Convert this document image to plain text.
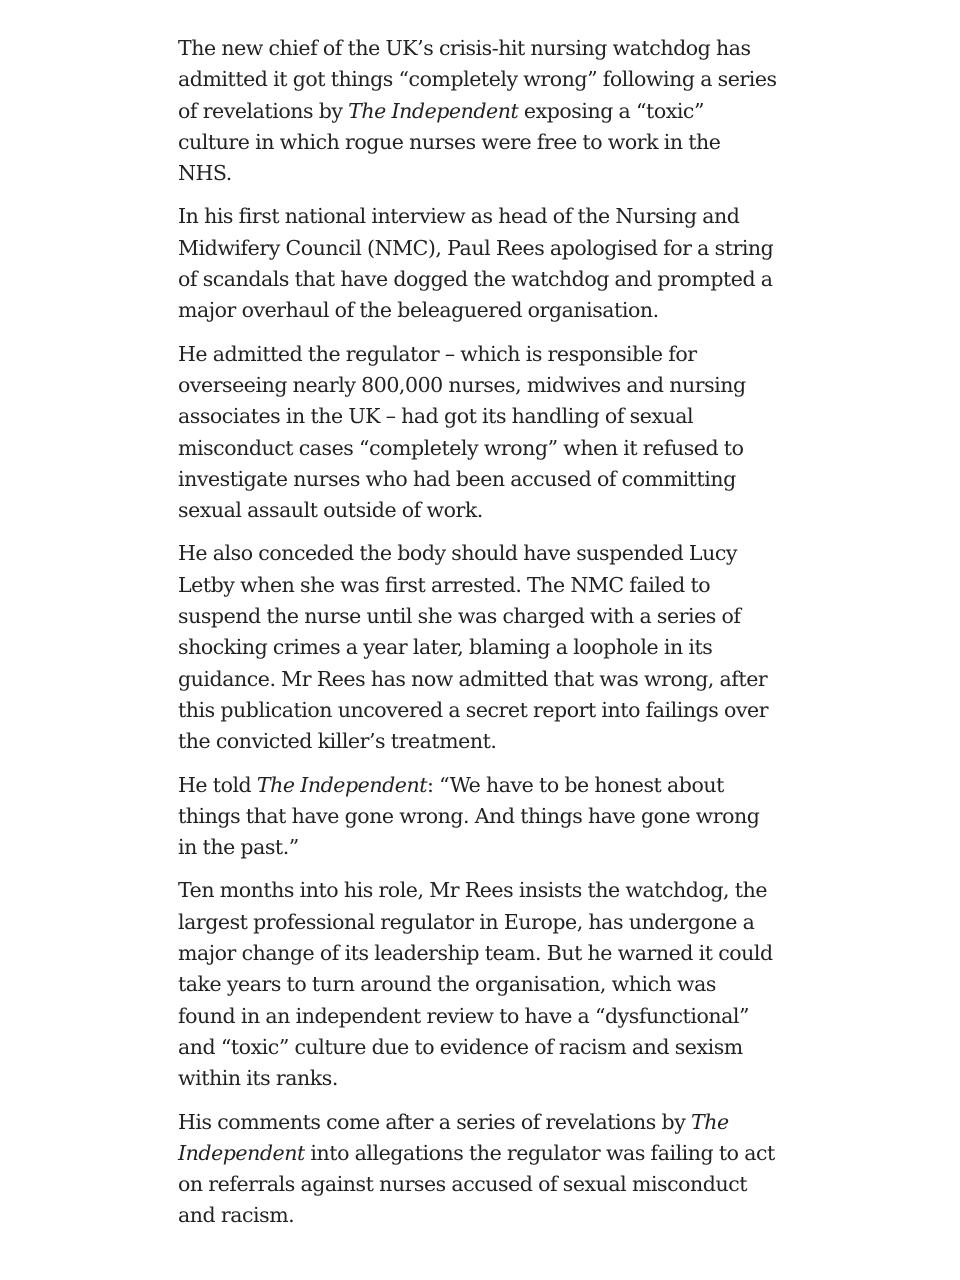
The new chief of the UK’s crisis-hit nursing watchdog has admitted it got things “completely wrong” following a series of revelations by The Independent exposing a “toxic” culture in which rogue nurses were free to work in the NHS.

In his first national interview as head of the Nursing and Midwifery Council (NMC), Paul Rees apologised for a string of scandals that have dogged the watchdog and prompted a major overhaul of the beleaguered organisation.

He admitted the regulator – which is responsible for overseeing nearly 800,000 nurses, midwives and nursing associates in the UK – had got its handling of sexual misconduct cases “completely wrong” when it refused to investigate nurses who had been accused of committing sexual assault outside of work.

He also conceded the body should have suspended Lucy Letby when she was first arrested. The NMC failed to suspend the nurse until she was charged with a series of shocking crimes a year later, blaming a loophole in its guidance. Mr Rees has now admitted that was wrong, after this publication uncovered a secret report into failings over the convicted killer’s treatment.

He told The Independent: “We have to be honest about things that have gone wrong. And things have gone wrong in the past.”

Ten months into his role, Mr Rees insists the watchdog, the largest professional regulator in Europe, has undergone a major change of its leadership team. But he warned it could take years to turn around the organisation, which was found in an independent review to have a “dysfunctional” and “toxic” culture due to evidence of racism and sexism within its ranks.

His comments come after a series of revelations by The Independent into allegations the regulator was failing to act on referrals against nurses accused of sexual misconduct and racism.
